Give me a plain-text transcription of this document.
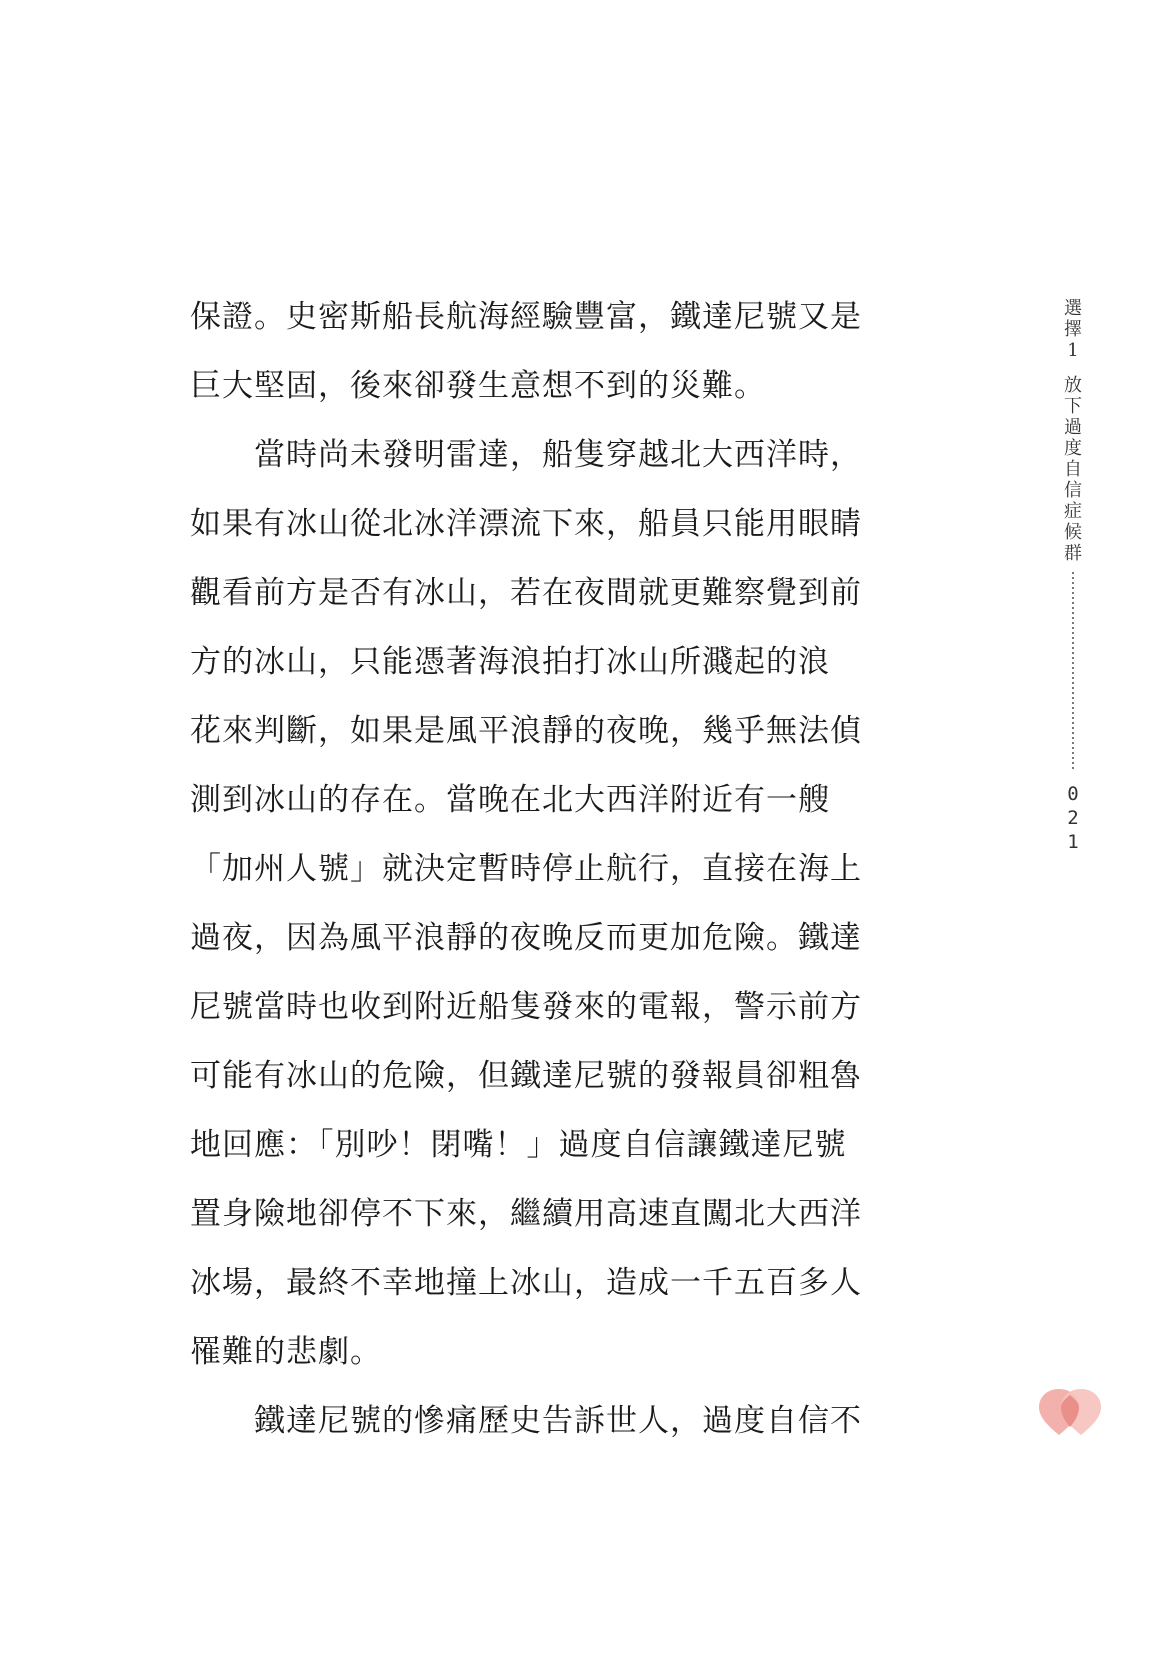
保證。史密斯船長航海經驗豐富，鐵達尼號又是
巨大堅固，後來卻發生意想不到的災難。
當時尚未發明雷達，船隻穿越北大西洋時，
如果有冰山從北冰洋漂流下來，船員只能用眼睛
觀看前方是否有冰山，若在夜間就更難察覺到前
方的冰山，只能憑著海浪拍打冰山所濺起的浪
花來判斷，如果是風平浪靜的夜晚，幾乎無法偵
測到冰山的存在。當晚在北大西洋附近有一艘
「加州人號」就決定暫時停止航行，直接在海上
過夜，因為風平浪靜的夜晚反而更加危險。鐵達
尼號當時也收到附近船隻發來的電報，警示前方
可能有冰山的危險，但鐵達尼號的發報員卻粗魯
地回應：「別吵！閉嘴！」過度自信讓鐵達尼號
置身險地卻停不下來，繼續用高速直闖北大西洋
冰場，最終不幸地撞上冰山，造成一千五百多人
罹難的悲劇。
鐵達尼號的慘痛歷史告訴世人，過度自信不
選
擇
1
放
下
過
度
自
信
症
候
群
0
2
1
